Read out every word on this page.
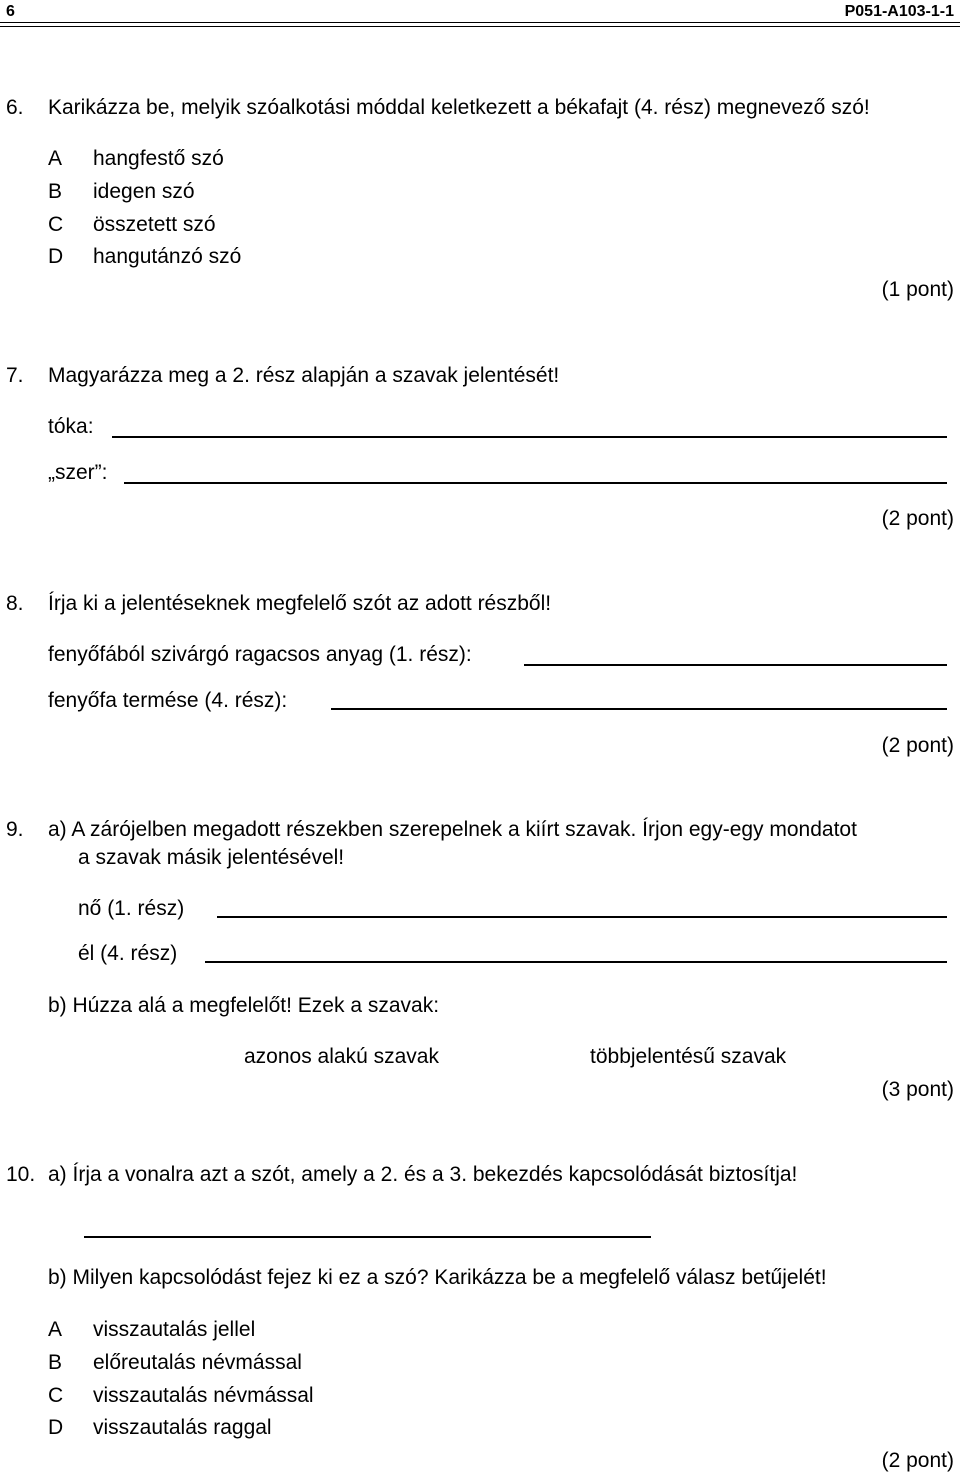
6	P051-A103-1-1
6. Karikázza be, melyik szóalkotási móddal keletkezett a békafajt (4. rész) megnevező szó!
A hangfestő szó
B idegen szó
C összetett szó
D hangutánzó szó
(1 pont)
7. Magyarázza meg a 2. rész alapján a szavak jelentését!
tóka:
„szer”:
(2 pont)
8. Írja ki a jelentéseknek megfelelő szót az adott részből!
fenyőfából szivárgó ragacsos anyag (1. rész):
fenyőfa termése (4. rész):
(2 pont)
9. a) A zárójelben megadott részekben szerepelnek a kiírt szavak. Írjon egy-egy mondatot
a szavak másik jelentésével!
nő (1. rész)
él (4. rész)
b) Húzza alá a megfelelőt! Ezek a szavak:
azonos alakú szavak	többjelentésű szavak
(3 pont)
10. a) Írja a vonalra azt a szót, amely a 2. és a 3. bekezdés kapcsolódását biztosítja!
b) Milyen kapcsolódást fejez ki ez a szó? Karikázza be a megfelelő válasz betűjelét!
A visszautalás jellel
B előreutalás névmással
C visszautalás névmással
D visszautalás raggal
(2 pont)
